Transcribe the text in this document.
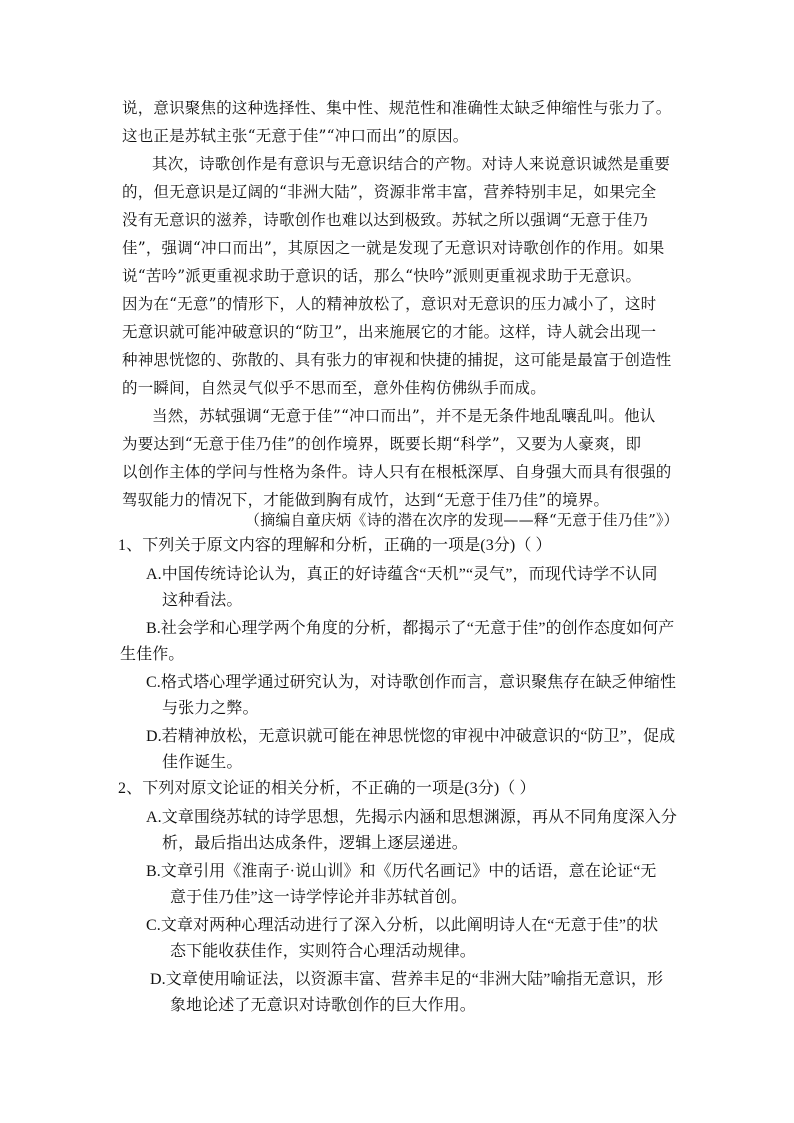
说，意识聚焦的这种选择性、集中性、规范性和准确性太缺乏伸缩性与张力了。
这也正是苏轼主张“无意于佳”“冲口而出”的原因。
其次，诗歌创作是有意识与无意识结合的产物。对诗人来说意识诚然是重要
的，但无意识是辽阔的“非洲大陆”，资源非常丰富，营养特别丰足，如果完全
没有无意识的滋养，诗歌创作也难以达到极致。苏轼之所以强调“无意于佳乃
佳”，强调“冲口而出”，其原因之一就是发现了无意识对诗歌创作的作用。如果
说“苦吟”派更重视求助于意识的话，那么“快吟”派则更重视求助于无意识。
因为在“无意”的情形下，人的精神放松了，意识对无意识的压力减小了，这时
无意识就可能冲破意识的“防卫”，出来施展它的才能。这样，诗人就会出现一
种神思恍惚的、弥散的、具有张力的审视和快捷的捕捉，这可能是最富于创造性
的一瞬间，自然灵气似乎不思而至，意外佳构仿佛纵手而成。
当然，苏轼强调“无意于佳”“冲口而出”，并不是无条件地乱嚷乱叫。他认
为要达到“无意于佳乃佳”的创作境界，既要长期“科学”，又要为人豪爽，即
以创作主体的学问与性格为条件。诗人只有在根柢深厚、自身强大而具有很强的
驾驭能力的情况下，才能做到胸有成竹，达到“无意于佳乃佳”的境界。
（摘编自童庆炳《诗的潜在次序的发现——释“无意于佳乃佳”》）
1、下列关于原文内容的理解和分析，正确的一项是(3分)（ ）
A.中国传统诗论认为，真正的好诗蕴含“天机”“灵气”，而现代诗学不认同
这种看法。
B.社会学和心理学两个角度的分析，都揭示了“无意于佳”的创作态度如何产
生佳作。
C.格式塔心理学通过研究认为，对诗歌创作而言，意识聚焦存在缺乏伸缩性
与张力之弊。
D.若精神放松，无意识就可能在神思恍惚的审视中冲破意识的“防卫”，促成
佳作诞生。
2、下列对原文论证的相关分析，不正确的一项是(3分)（ ）
A.文章围绕苏轼的诗学思想，先揭示内涵和思想渊源，再从不同角度深入分
析，最后指出达成条件，逻辑上逐层递进。
B.文章引用《淮南子·说山训》和《历代名画记》中的话语，意在论证“无
意于佳乃佳”这一诗学悖论并非苏轼首创。
C.文章对两种心理活动进行了深入分析，以此阐明诗人在“无意于佳”的状
态下能收获佳作，实则符合心理活动规律。
D.文章使用喻证法，以资源丰富、营养丰足的“非洲大陆”喻指无意识，形
象地论述了无意识对诗歌创作的巨大作用。
